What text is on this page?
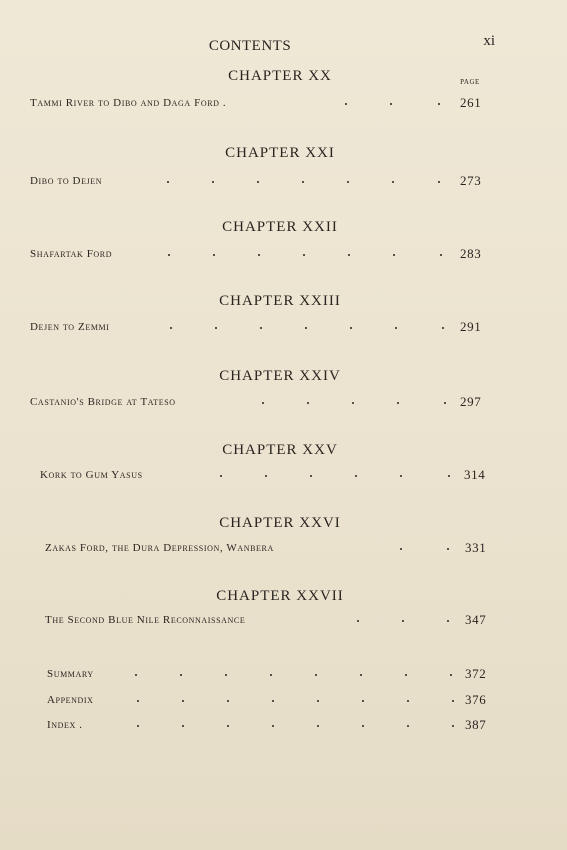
CONTENTS	xi
PAGE
CHAPTER XX
Tammi River to Dibo and Daga Ford .	261
CHAPTER XXI
Dibo to Dejen	273
CHAPTER XXII
Shafartak Ford	283
CHAPTER XXIII
Dejen to Zemmi	291
CHAPTER XXIV
Castanio's Bridge at Tateso	297
CHAPTER XXV
Kork to Gum Yasus	314
CHAPTER XXVI
Zakas Ford, the Dura Depression, Wanbera	331
CHAPTER XXVII
The Second Blue Nile Reconnaissance	347
Summary	372
Appendix	376
Index .	387
